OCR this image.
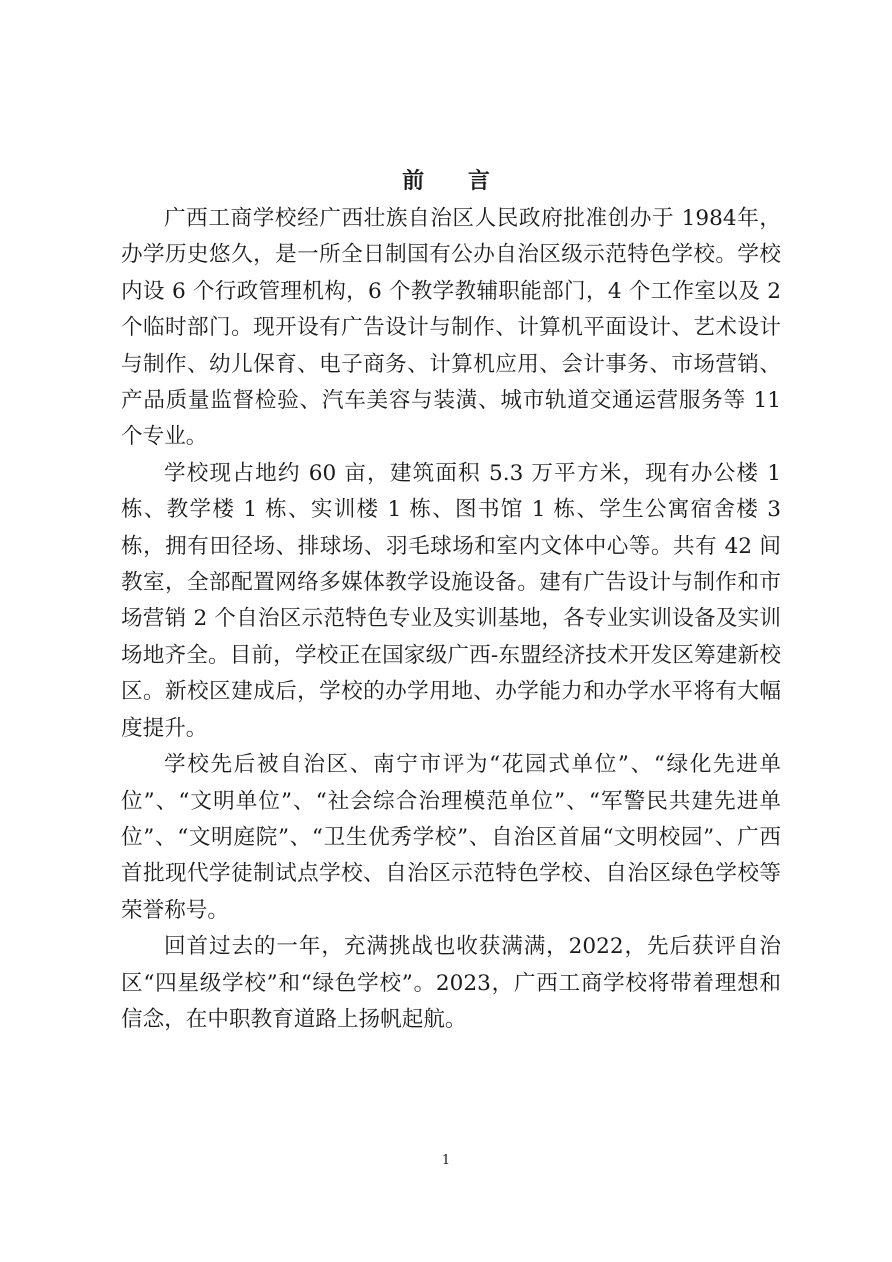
前 言

广西工商学校经广西壮族自治区人民政府批准创办于 1984年，办学历史悠久，是一所全日制国有公办自治区级示范特色学校。学校内设 6 个行政管理机构，6 个教学教辅职能部门，4 个工作室以及 2 个临时部门。现开设有广告设计与制作、计算机平面设计、艺术设计与制作、幼儿保育、电子商务、计算机应用、会计事务、市场营销、产品质量监督检验、汽车美容与装潢、城市轨道交通运营服务等 11 个专业。

学校现占地约 60 亩，建筑面积 5.3 万平方米，现有办公楼 1 栋、教学楼 1 栋、实训楼 1 栋、图书馆 1 栋、学生公寓宿舍楼 3 栋，拥有田径场、排球场、羽毛球场和室内文体中心等。共有 42 间教室，全部配置网络多媒体教学设施设备。建有广告设计与制作和市场营销 2 个自治区示范特色专业及实训基地，各专业实训设备及实训场地齐全。目前，学校正在国家级广西-东盟经济技术开发区筹建新校区。新校区建成后，学校的办学用地、办学能力和办学水平将有大幅度提升。

学校先后被自治区、南宁市评为“花园式单位”、“绿化先进单位”、“文明单位”、“社会综合治理模范单位”、“军警民共建先进单位”、“文明庭院”、“卫生优秀学校”、自治区首届“文明校园”、广西首批现代学徒制试点学校、自治区示范特色学校、自治区绿色学校等荣誉称号。

回首过去的一年，充满挑战也收获满满，2022，先后获评自治区“四星级学校”和“绿色学校”。2023，广西工商学校将带着理想和信念，在中职教育道路上扬帆起航。

1
